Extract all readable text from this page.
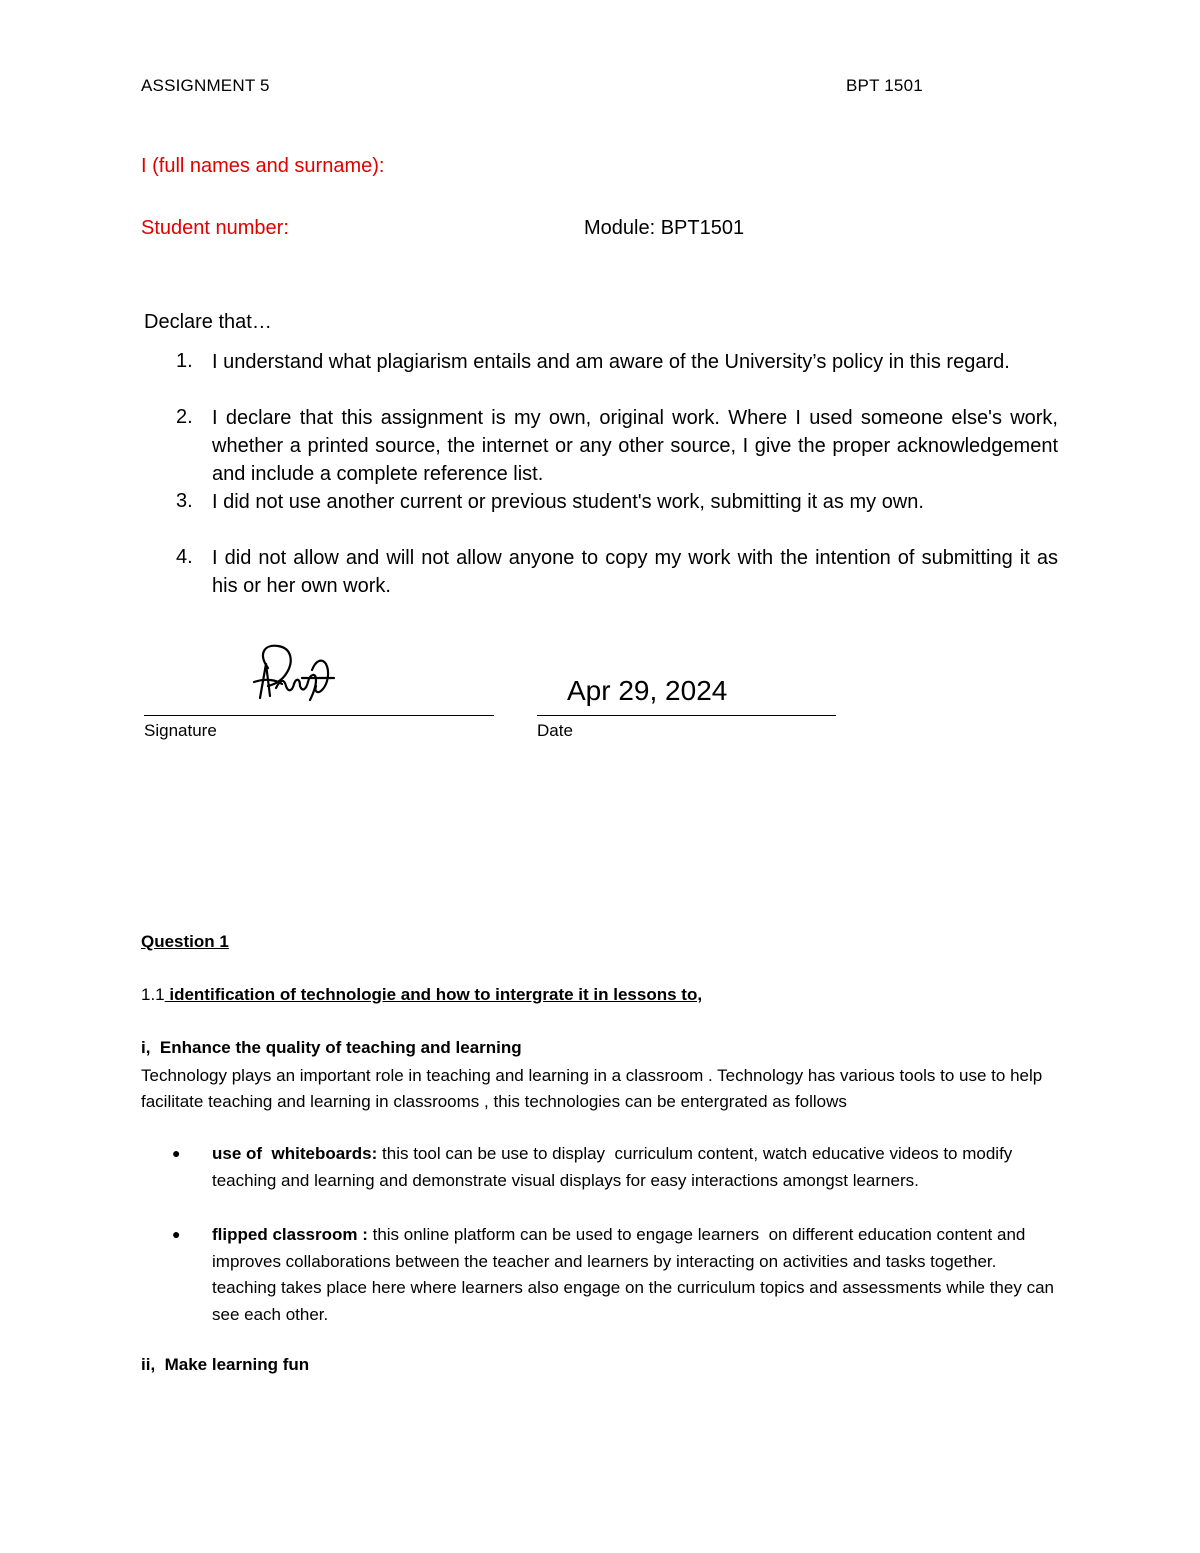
ASSIGNMENT 5	BPT 1501
I (full names and surname):
Student number:	Module: BPT1501
Declare that…
1. I understand what plagiarism entails and am aware of the University’s policy in this regard.
2. I declare that this assignment is my own, original work. Where I used someone else's work, whether a printed source, the internet or any other source, I give the proper acknowledgement and include a complete reference list.
3. I did not use another current or previous student's work, submitting it as my own.
4. I did not allow and will not allow anyone to copy my work with the intention of submitting it as his or her own work.
Apr 29, 2024
Signature	Date
Question 1
1.1 identification of technologie and how to intergrate it in lessons to,
i,  Enhance the quality of teaching and learning
Technology plays an important role in teaching and learning in a classroom . Technology has various tools to use to help facilitate teaching and learning in classrooms , this technologies can be entergrated as follows
● use of  whiteboards: this tool can be use to display  curriculum content, watch educative videos to modify teaching and learning and demonstrate visual displays for easy interactions amongst learners.
● flipped classroom : this online platform can be used to engage learners  on different education content and improves collaborations between the teacher and learners by interacting on activities and tasks together. teaching takes place here where learners also engage on the curriculum topics and assessments while they can see each other.
ii,  Make learning fun
